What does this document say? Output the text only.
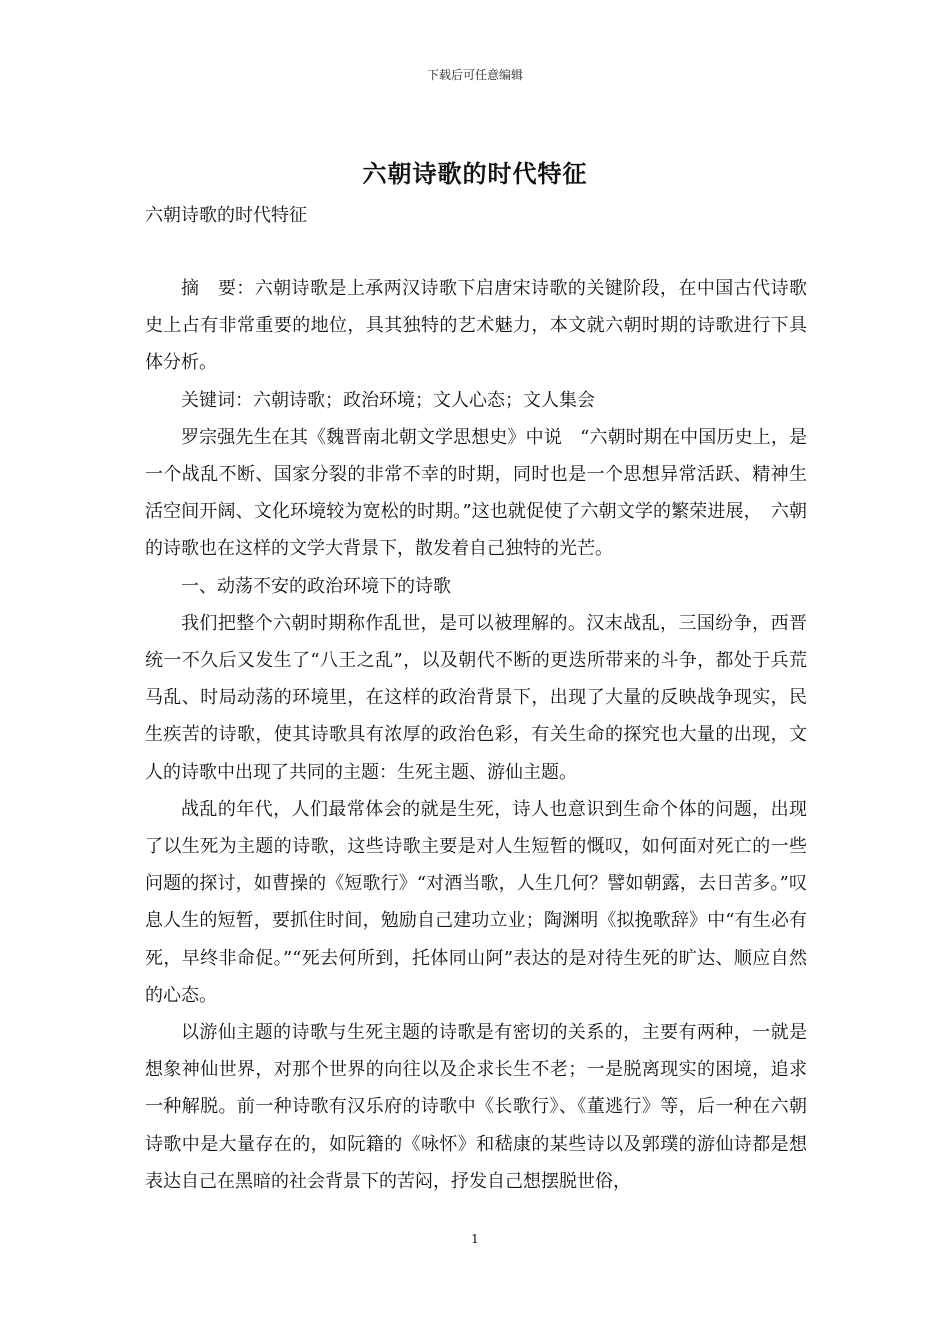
下载后可任意编辑
六朝诗歌的时代特征
六朝诗歌的时代特征

摘　要：六朝诗歌是上承两汉诗歌下启唐宋诗歌的关键阶段，在中国古代诗歌史上占有非常重要的地位，具其独特的艺术魅力，本文就六朝时期的诗歌进行下具体分析。

关键词：六朝诗歌；政治环境；文人心态；文人集会

罗宗强先生在其《魏晋南北朝文学思想史》中说　“六朝时期在中国历史上，是一个战乱不断、国家分裂的非常不幸的时期，同时也是一个思想异常活跃、精神生活空间开阔、文化环境较为宽松的时期。”这也就促使了六朝文学的繁荣进展，　六朝的诗歌也在这样的文学大背景下，散发着自己独特的光芒。

一、动荡不安的政治环境下的诗歌

我们把整个六朝时期称作乱世，是可以被理解的。汉末战乱，三国纷争，西晋统一不久后又发生了“八王之乱”，以及朝代不断的更迭所带来的斗争，都处于兵荒马乱、时局动荡的环境里，在这样的政治背景下，出现了大量的反映战争现实，民生疾苦的诗歌，使其诗歌具有浓厚的政治色彩，有关生命的探究也大量的出现，文人的诗歌中出现了共同的主题：生死主题、游仙主题。

战乱的年代，人们最常体会的就是生死，诗人也意识到生命个体的问题，出现了以生死为主题的诗歌，这些诗歌主要是对人生短暂的慨叹，如何面对死亡的一些问题的探讨，如曹操的《短歌行》“对酒当歌，人生几何？譬如朝露，去日苦多。”叹息人生的短暂，要抓住时间，勉励自己建功立业；陶渊明《拟挽歌辞》中“有生必有死，早终非命促。”“死去何所到，托体同山阿”表达的是对待生死的旷达、顺应自然的心态。

以游仙主题的诗歌与生死主题的诗歌是有密切的关系的，主要有两种，一就是想象神仙世界，对那个世界的向往以及企求长生不老；一是脱离现实的困境，追求一种解脱。前一种诗歌有汉乐府的诗歌中《长歌行》、《董逃行》等，后一种在六朝诗歌中是大量存在的，如阮籍的《咏怀》和嵇康的某些诗以及郭璞的游仙诗都是想表达自己在黑暗的社会背景下的苦闷，抒发自己想摆脱世俗，

1
